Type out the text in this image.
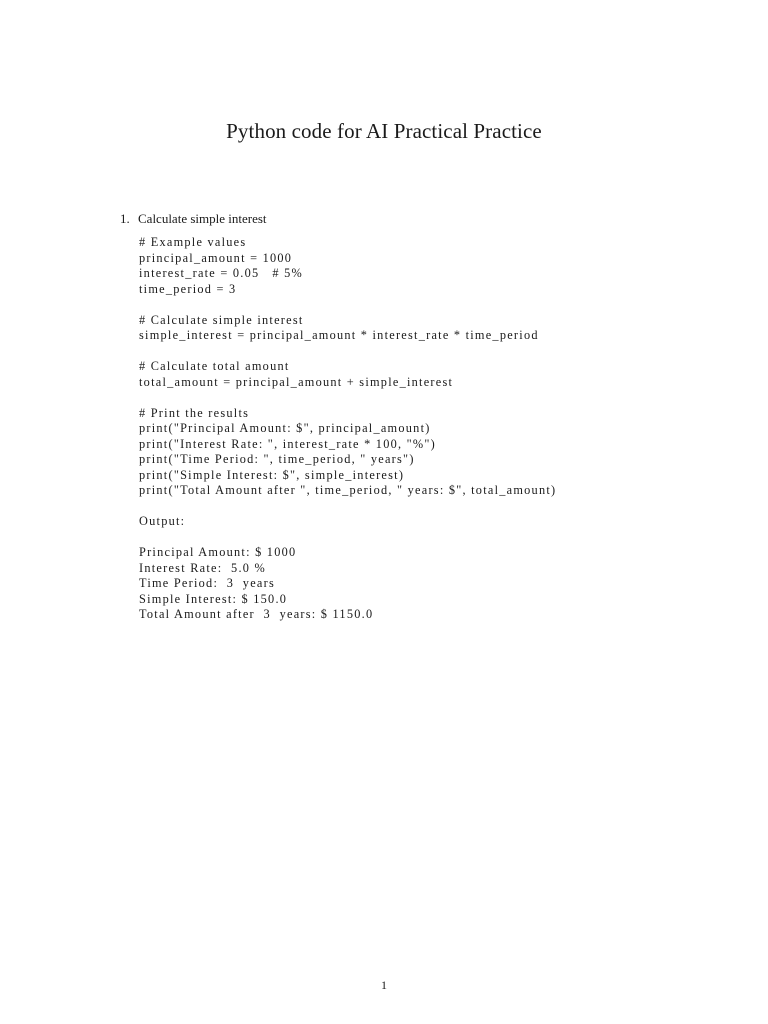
Python code for AI Practical Practice
1. Calculate simple interest
# Example values
principal_amount = 1000
interest_rate = 0.05   # 5%
time_period = 3
# Calculate simple interest
simple_interest = principal_amount * interest_rate * time_period
# Calculate total amount
total_amount = principal_amount + simple_interest
# Print the results
print("Principal Amount: $", principal_amount)
print("Interest Rate: ", interest_rate * 100, "%")
print("Time Period: ", time_period, " years")
print("Simple Interest: $", simple_interest)
print("Total Amount after ", time_period, " years: $", total_amount)
Output:
Principal Amount: $ 1000
Interest Rate:  5.0 %
Time Period:  3  years
Simple Interest: $ 150.0
Total Amount after  3  years: $ 1150.0
1
